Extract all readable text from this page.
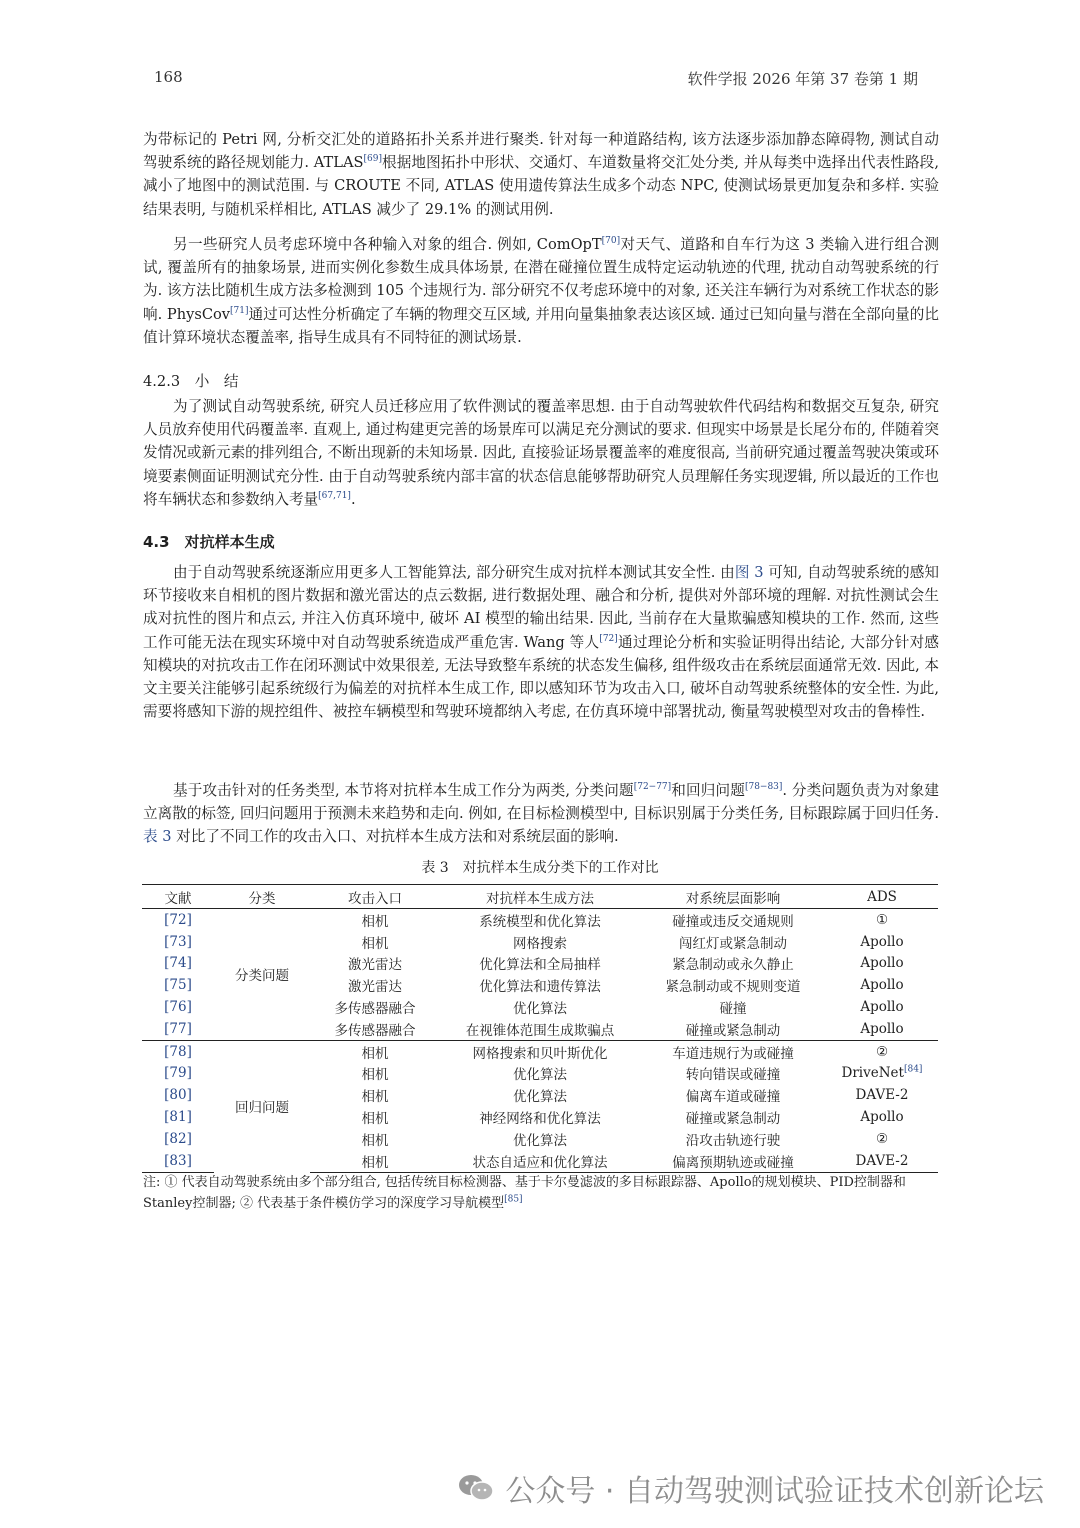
168	软件学报 2026 年第 37 卷第 1 期

为带标记的 Petri 网, 分析交汇处的道路拓扑关系并进行聚类. 针对每一种道路结构, 该方法逐步添加静态障碍物, 测试自动驾驶系统的路径规划能力. ATLAS[69]根据地图拓扑中形状、交通灯、车道数量将交汇处分类, 并从每类中选择出代表性路段, 减小了地图中的测试范围. 与 CROUTE 不同, ATLAS 使用遗传算法生成多个动态 NPC, 使测试场景更加复杂和多样. 实验结果表明, 与随机采样相比, ATLAS 减少了 29.1% 的测试用例.

另一些研究人员考虑环境中各种输入对象的组合. 例如, ComOpT[70]对天气、道路和自车行为这 3 类输入进行组合测试, 覆盖所有的抽象场景, 进而实例化参数生成具体场景, 在潜在碰撞位置生成特定运动轨迹的代理, 扰动自动驾驶系统的行为. 该方法比随机生成方法多检测到 105 个违规行为. 部分研究不仅考虑环境中的对象, 还关注车辆行为对系统工作状态的影响. PhysCov[71]通过可达性分析确定了车辆的物理交互区域, 并用向量集抽象表达该区域. 通过已知向量与潜在全部向量的比值计算环境状态覆盖率, 指导生成具有不同特征的测试场景.

4.2.3　小　结

为了测试自动驾驶系统, 研究人员迁移应用了软件测试的覆盖率思想. 由于自动驾驶软件代码结构和数据交互复杂, 研究人员放弃使用代码覆盖率. 直观上, 通过构建更完善的场景库可以满足充分测试的要求. 但现实中场景是长尾分布的, 伴随着突发情况或新元素的排列组合, 不断出现新的未知场景. 因此, 直接验证场景覆盖率的难度很高, 当前研究通过覆盖驾驶决策或环境要素侧面证明测试充分性. 由于自动驾驶系统内部丰富的状态信息能够帮助研究人员理解任务实现逻辑, 所以最近的工作也将车辆状态和参数纳入考量[67,71].

4.3　对抗样本生成

由于自动驾驶系统逐渐应用更多人工智能算法, 部分研究生成对抗样本测试其安全性. 由图 3 可知, 自动驾驶系统的感知环节接收来自相机的图片数据和激光雷达的点云数据, 进行数据处理、融合和分析, 提供对外部环境的理解. 对抗性测试会生成对抗性的图片和点云, 并注入仿真环境中, 破坏 AI 模型的输出结果. 因此, 当前存在大量欺骗感知模块的工作. 然而, 这些工作可能无法在现实环境中对自动驾驶系统造成严重危害. Wang 等人[72]通过理论分析和实验证明得出结论, 大部分针对感知模块的对抗攻击工作在闭环测试中效果很差, 无法导致整车系统的状态发生偏移, 组件级攻击在系统层面通常无效. 因此, 本文主要关注能够引起系统级行为偏差的对抗样本生成工作, 即以感知环节为攻击入口, 破坏自动驾驶系统整体的安全性. 为此, 需要将感知下游的规控组件、被控车辆模型和驾驶环境都纳入考虑, 在仿真环境中部署扰动, 衡量驾驶模型对攻击的鲁棒性.

基于攻击针对的任务类型, 本节将对抗样本生成工作分为两类, 分类问题[72−77]和回归问题[78−83]. 分类问题负责为对象建立离散的标签, 回归问题用于预测未来趋势和走向. 例如, 在目标检测模型中, 目标识别属于分类任务, 目标跟踪属于回归任务. 表 3 对比了不同工作的攻击入口、对抗样本生成方法和对系统层面的影响.

表 3　对抗样本生成分类下的工作对比
文献	分类	攻击入口	对抗样本生成方法	对系统层面影响	ADS
[72]	分类问题	相机	系统模型和优化算法	碰撞或违反交通规则	①
[73]		相机	网格搜索	闯红灯或紧急制动	Apollo
[74]		激光雷达	优化算法和全局抽样	紧急制动或永久静止	Apollo
[75]		激光雷达	优化算法和遗传算法	紧急制动或不规则变道	Apollo
[76]		多传感器融合	优化算法	碰撞	Apollo
[77]		多传感器融合	在视锥体范围生成欺骗点	碰撞或紧急制动	Apollo
[78]	回归问题	相机	网格搜索和贝叶斯优化	车道违规行为或碰撞	②
[79]		相机	优化算法	转向错误或碰撞	DriveNet[84]
[80]		相机	优化算法	偏离车道或碰撞	DAVE-2
[81]		相机	神经网络和优化算法	碰撞或紧急制动	Apollo
[82]		相机	优化算法	沿攻击轨迹行驶	②
[83]		相机	状态自适应和优化算法	偏离预期轨迹或碰撞	DAVE-2

注: ① 代表自动驾驶系统由多个部分组合, 包括传统目标检测器、基于卡尔曼滤波的多目标跟踪器、Apollo的规划模块、PID控制器和Stanley控制器; ② 代表基于条件模仿学习的深度学习导航模型[85]

公众号 · 自动驾驶测试验证技术创新论坛
